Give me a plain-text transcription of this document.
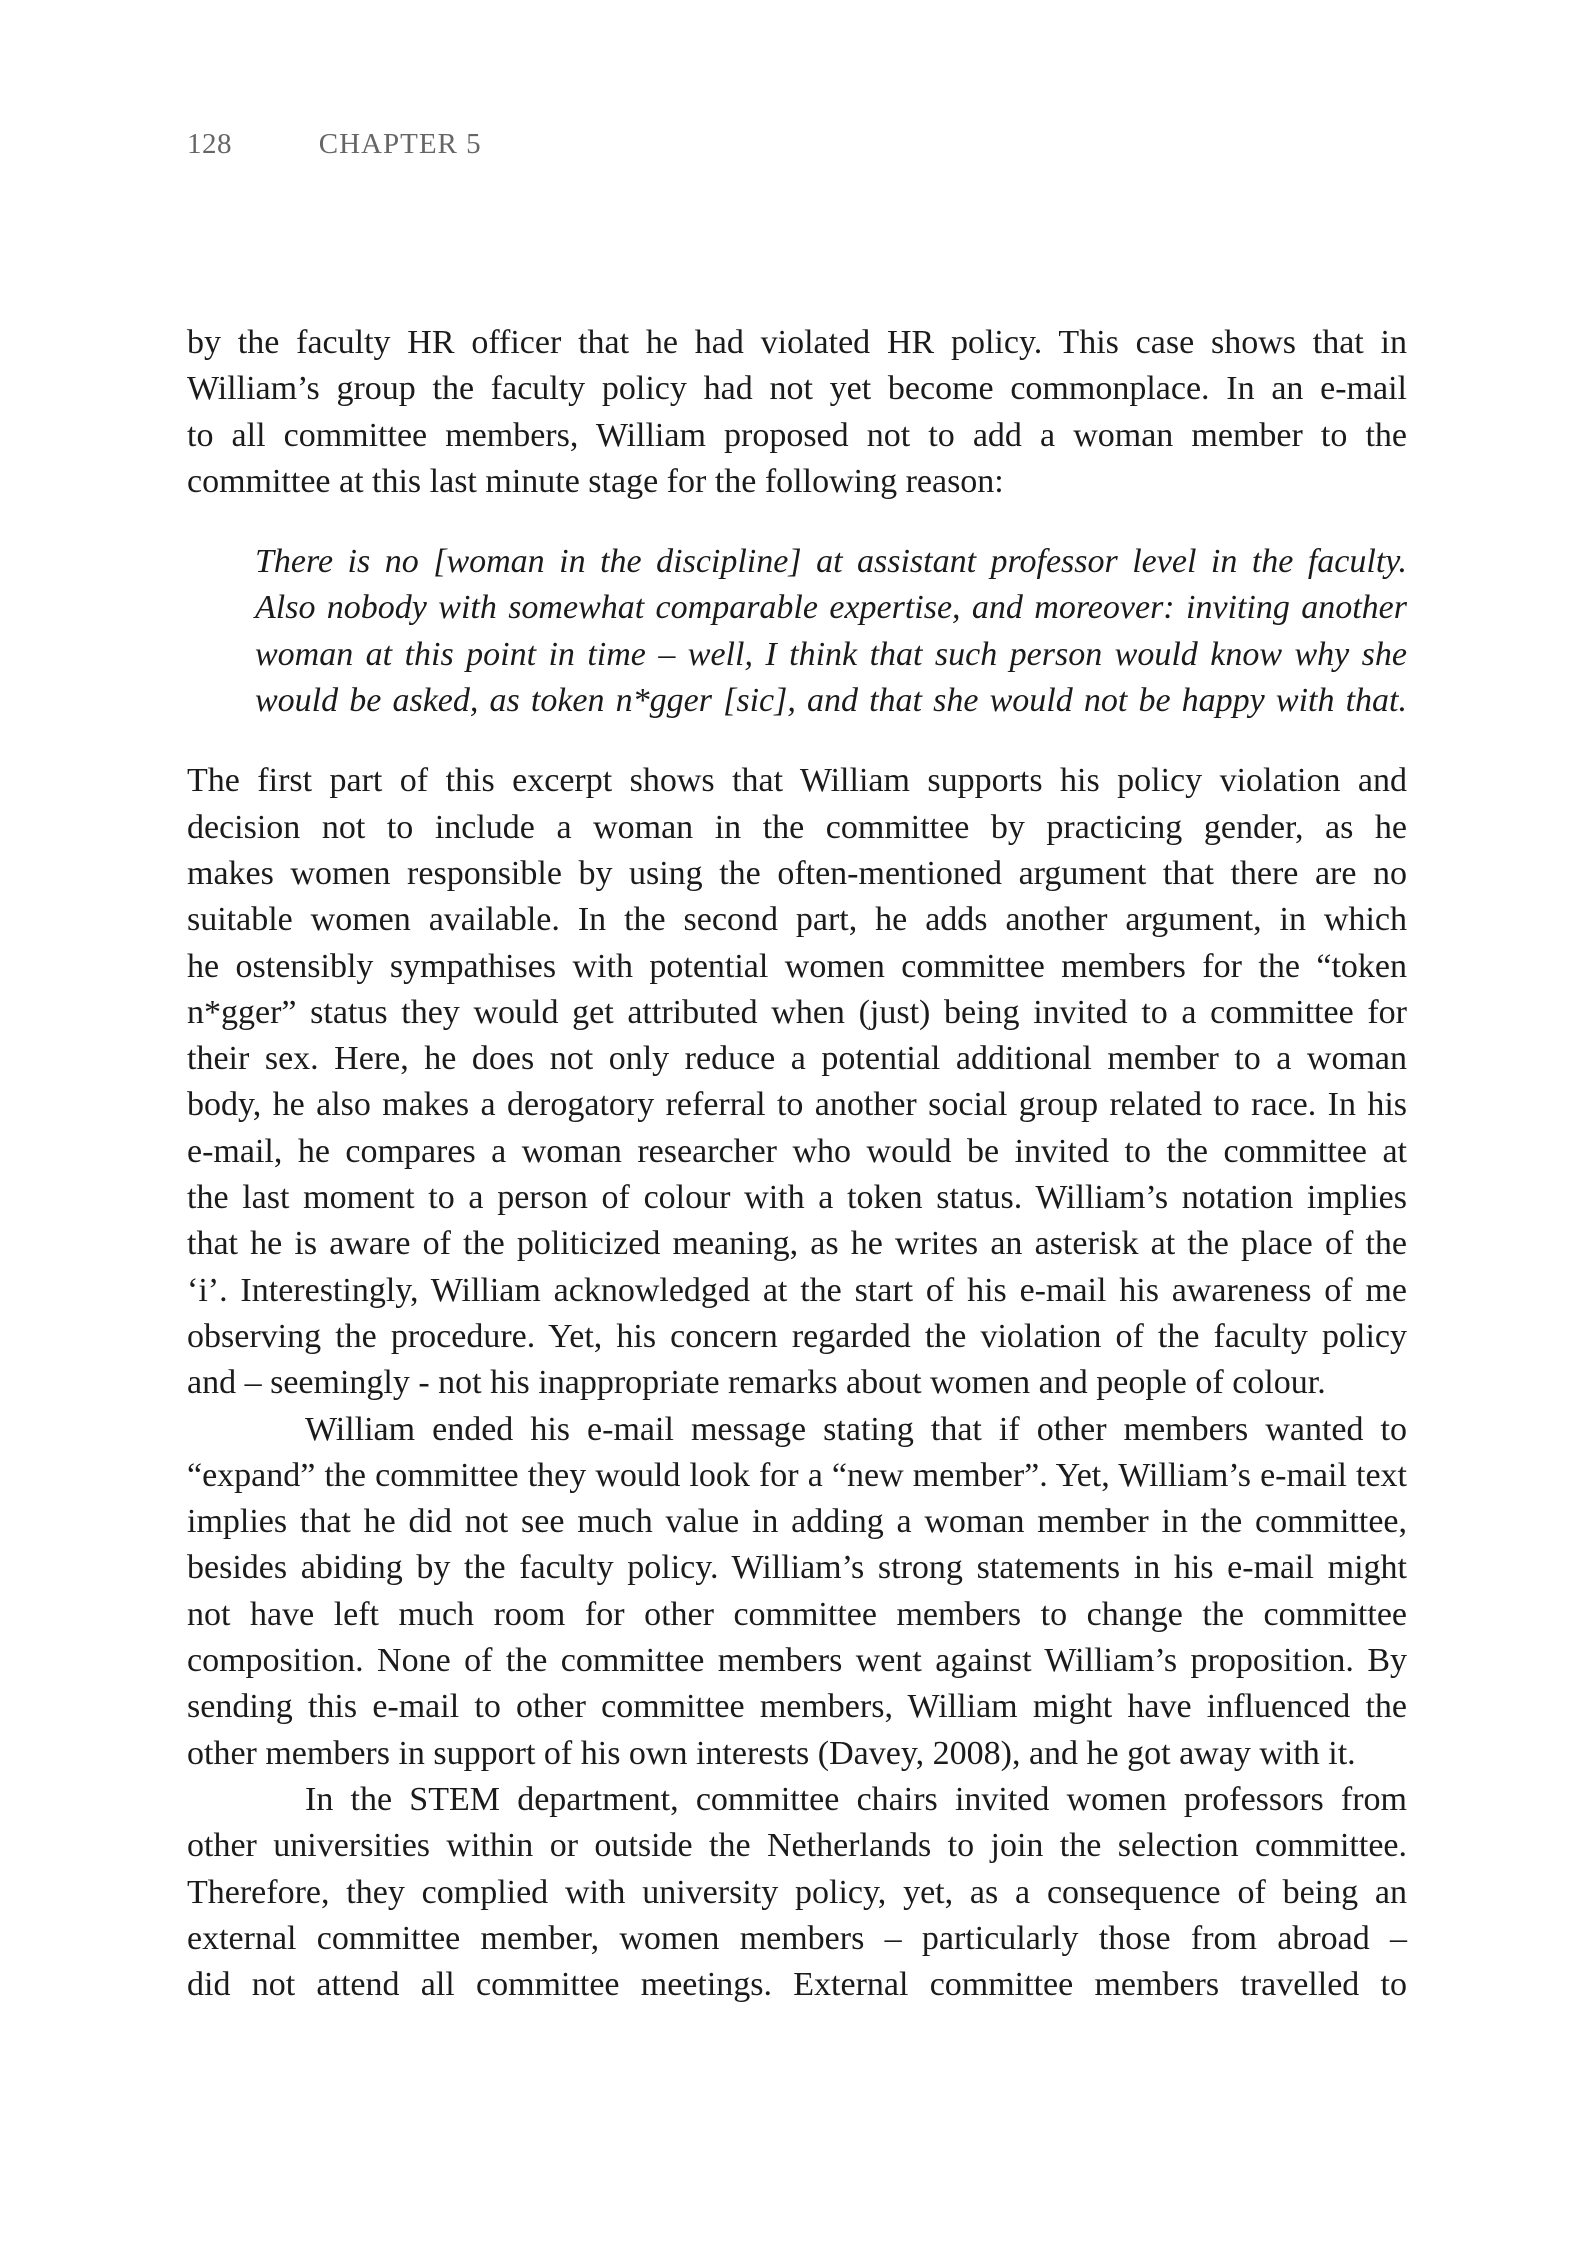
128	CHAPTER 5
by the faculty HR officer that he had violated HR policy. This case shows that in
William’s group the faculty policy had not yet become commonplace. In an e-mail
to all committee members, William proposed not to add a woman member to the
committee at this last minute stage for the following reason:
There is no [woman in the discipline] at assistant professor level in the faculty.
Also nobody with somewhat comparable expertise, and moreover: inviting another
woman at this point in time – well, I think that such person would know why she
would be asked, as token n*gger [sic], and that she would not be happy with that.
The first part of this excerpt shows that William supports his policy violation and
decision not to include a woman in the committee by practicing gender, as he
makes women responsible by using the often-mentioned argument that there are no
suitable women available. In the second part, he adds another argument, in which
he ostensibly sympathises with potential women committee members for the “token
n*gger” status they would get attributed when (just) being invited to a committee for
their sex. Here, he does not only reduce a potential additional member to a woman
body, he also makes a derogatory referral to another social group related to race. In his
e-mail, he compares a woman researcher who would be invited to the committee at
the last moment to a person of colour with a token status. William’s notation implies
that he is aware of the politicized meaning, as he writes an asterisk at the place of the
‘i’. Interestingly, William acknowledged at the start of his e-mail his awareness of me
observing the procedure. Yet, his concern regarded the violation of the faculty policy
and – seemingly - not his inappropriate remarks about women and people of colour.
William ended his e-mail message stating that if other members wanted to
“expand” the committee they would look for a “new member”. Yet, William’s e-mail text
implies that he did not see much value in adding a woman member in the committee,
besides abiding by the faculty policy. William’s strong statements in his e-mail might
not have left much room for other committee members to change the committee
composition. None of the committee members went against William’s proposition. By
sending this e-mail to other committee members, William might have influenced the
other members in support of his own interests (Davey, 2008), and he got away with it.
In the STEM department, committee chairs invited women professors from
other universities within or outside the Netherlands to join the selection committee.
Therefore, they complied with university policy, yet, as a consequence of being an
external committee member, women members – particularly those from abroad –
did not attend all committee meetings. External committee members travelled to
